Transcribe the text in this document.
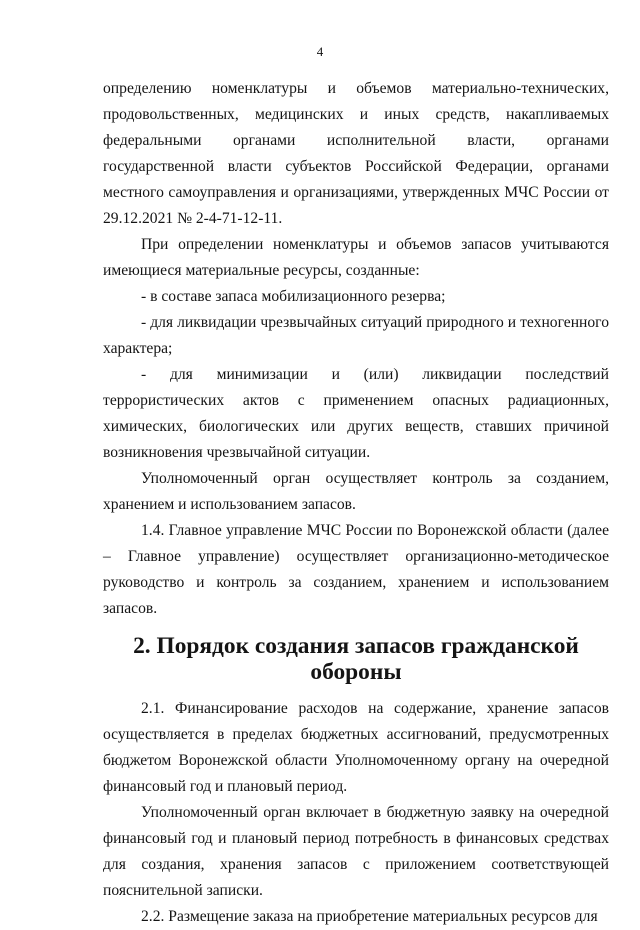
4

определению номенклатуры и объемов материально-технических, продовольственных, медицинских и иных средств, накапливаемых федеральными органами исполнительной власти, органами государственной власти субъектов Российской Федерации, органами местного самоуправления и организациями, утвержденных МЧС России от 29.12.2021 № 2-4-71-12-11.

При определении номенклатуры и объемов запасов учитываются имеющиеся материальные ресурсы, созданные:

- в составе запаса мобилизационного резерва;

- для ликвидации чрезвычайных ситуаций природного и техногенного характера;

- для минимизации и (или) ликвидации последствий террористических актов с применением опасных радиационных, химических, биологических или других веществ, ставших причиной возникновения чрезвычайной ситуации.

Уполномоченный орган осуществляет контроль за созданием, хранением и использованием запасов.

1.4. Главное управление МЧС России по Воронежской области (далее – Главное управление) осуществляет организационно-методическое руководство и контроль за созданием, хранением и использованием запасов.

2. Порядок создания запасов гражданской обороны

2.1. Финансирование расходов на содержание, хранение запасов осуществляется в пределах бюджетных ассигнований, предусмотренных бюджетом Воронежской области Уполномоченному органу на очередной финансовый год и плановый период.

Уполномоченный орган включает в бюджетную заявку на очередной финансовый год и плановый период потребность в финансовых средствах для создания, хранения запасов с приложением соответствующей пояснительной записки.

2.2. Размещение заказа на приобретение материальных ресурсов для
